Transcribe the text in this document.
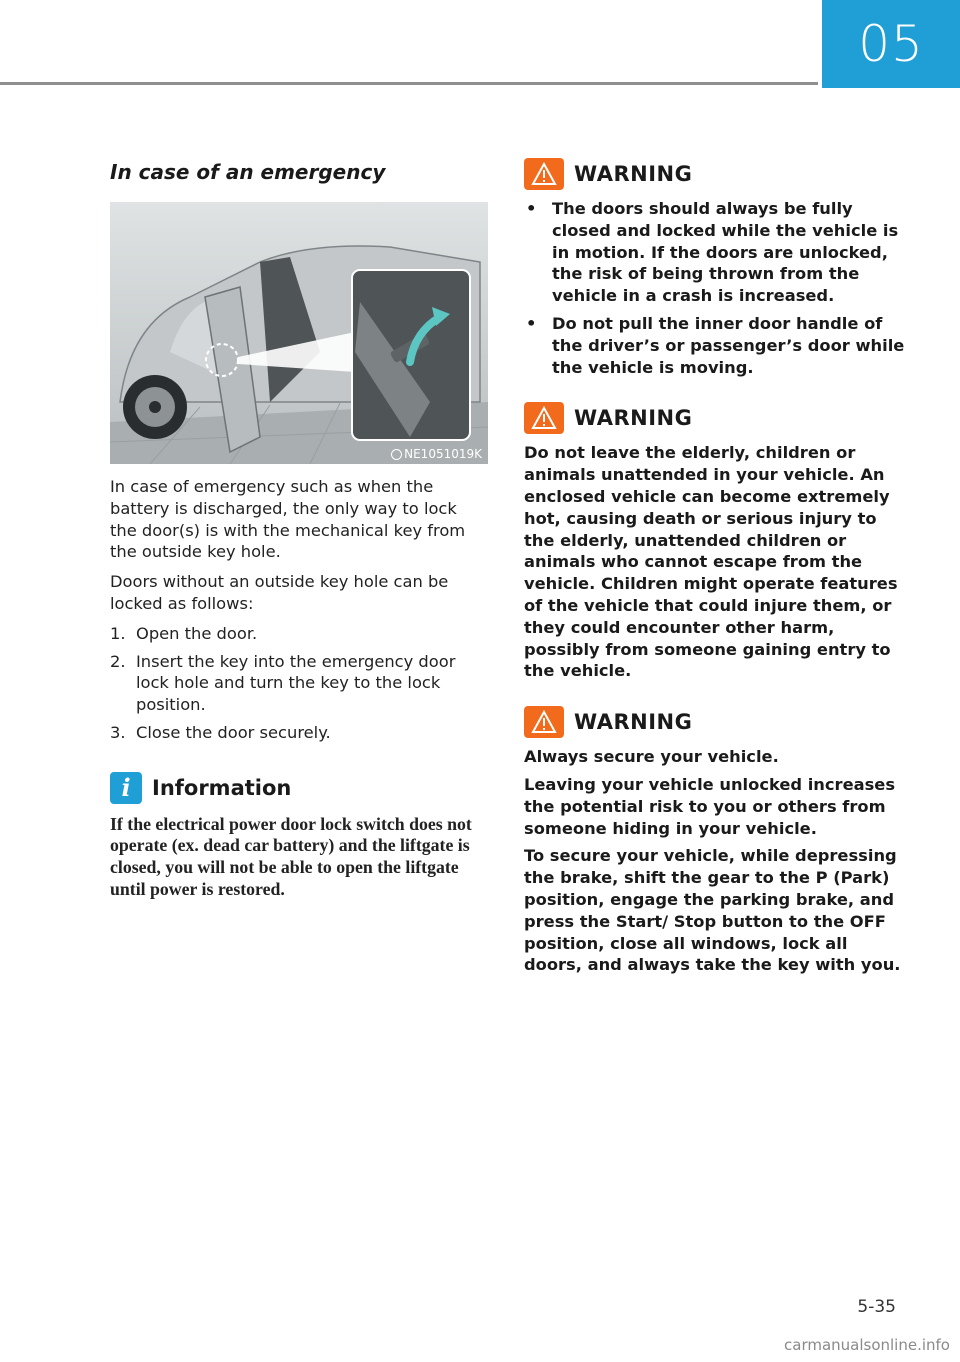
05
In case of an emergency
NE1051019K

In case of emergency such as when the battery is discharged, the only way to lock the door(s) is with the mechanical key from the outside key hole.

Doors without an outside key hole can be locked as follows:

1. Open the door.
2. Insert the key into the emergency door lock hole and turn the key to the lock position.
3. Close the door securely.
i	Information
If the electrical power door lock switch does not operate (ex. dead car battery) and the liftgate is closed, you will not be able to open the liftgate until power is restored.
WARNING
• The doors should always be fully closed and locked while the vehicle is in motion. If the doors are unlocked, the risk of being thrown from the vehicle in a crash is increased.
• Do not pull the inner door handle of the driver’s or passenger’s door while the vehicle is moving.
WARNING

Do not leave the elderly, children or animals unattended in your vehicle. An enclosed vehicle can become extremely hot, causing death or serious injury to the elderly, unattended children or animals who cannot escape from the vehicle. Children might operate features of the vehicle that could injure them, or they could encounter other harm, possibly from someone gaining entry to the vehicle.

WARNING

Always secure your vehicle.

Leaving your vehicle unlocked increases the potential risk to you or others from someone hiding in your vehicle.

To secure your vehicle, while depressing the brake, shift the gear to the P (Park) position, engage the parking brake, and press the Start/ Stop button to the OFF position, close all windows, lock all doors, and always take the key with you.

5-35
carmanualsonline.info
